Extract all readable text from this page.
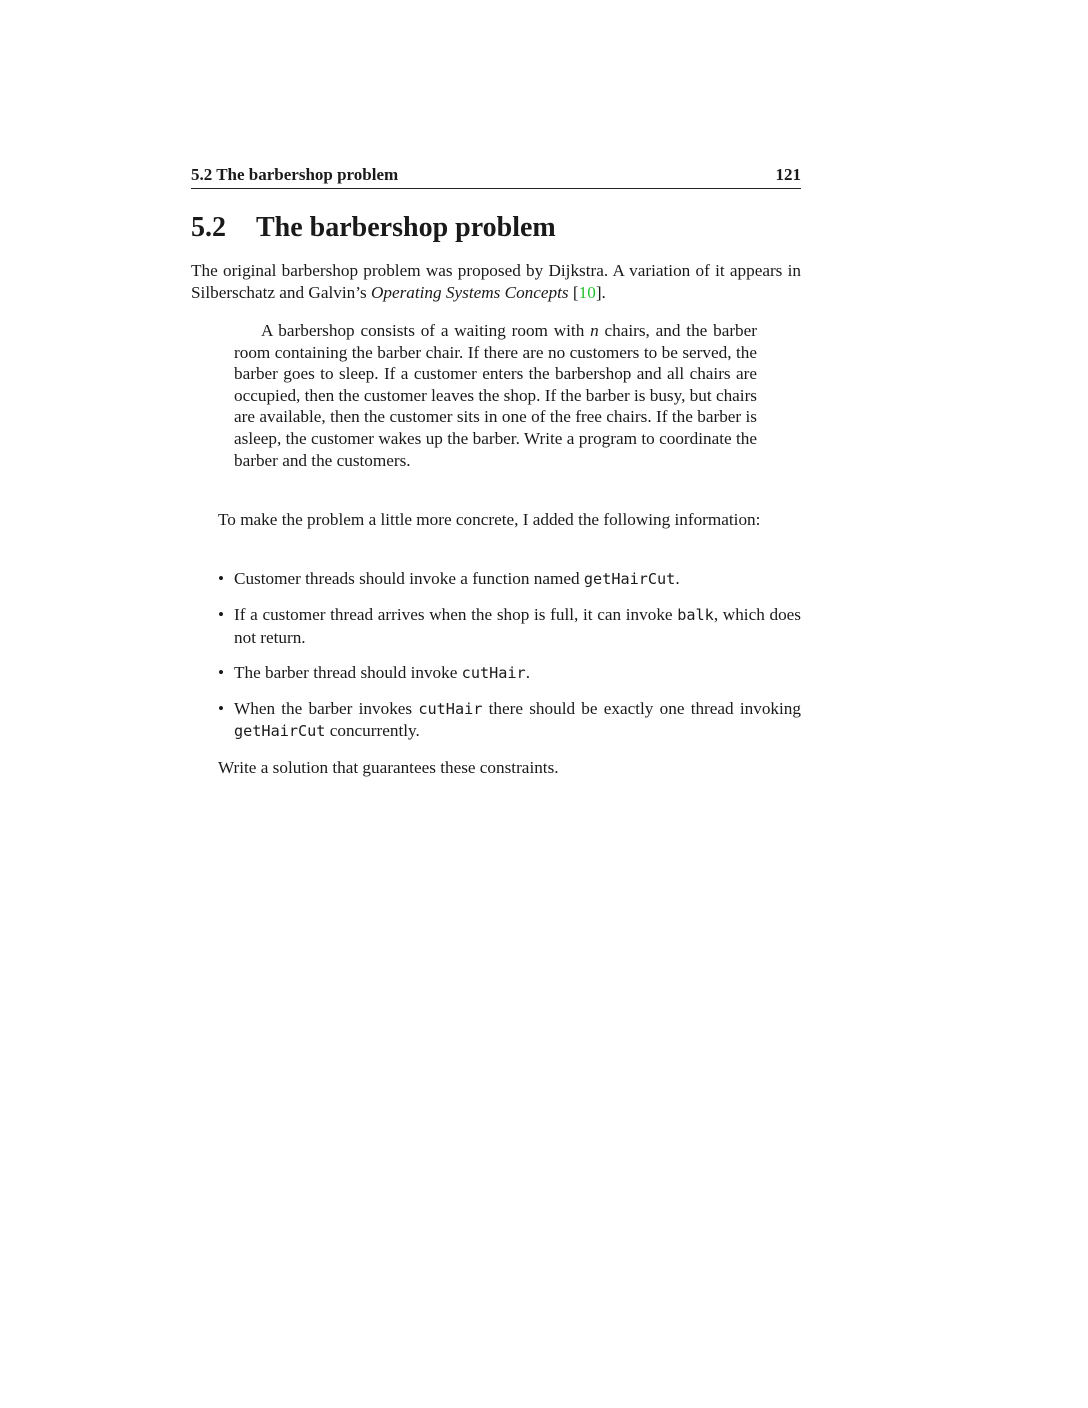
5.2 The barbershop problem	121
5.2 The barbershop problem

The original barbershop problem was proposed by Dijkstra. A variation of it appears in Silberschatz and Galvin’s Operating Systems Concepts [10].

A barbershop consists of a waiting room with n chairs, and the barber room containing the barber chair. If there are no customers to be served, the barber goes to sleep. If a customer enters the barbershop and all chairs are occupied, then the customer leaves the shop. If the barber is busy, but chairs are available, then the customer sits in one of the free chairs. If the barber is asleep, the customer wakes up the barber. Write a program to coordinate the barber and the customers.

To make the problem a little more concrete, I added the following information:

• Customer threads should invoke a function named getHairCut.
• If a customer thread arrives when the shop is full, it can invoke balk, which does not return.
• The barber thread should invoke cutHair.
• When the barber invokes cutHair there should be exactly one thread invoking getHairCut concurrently.

Write a solution that guarantees these constraints.
